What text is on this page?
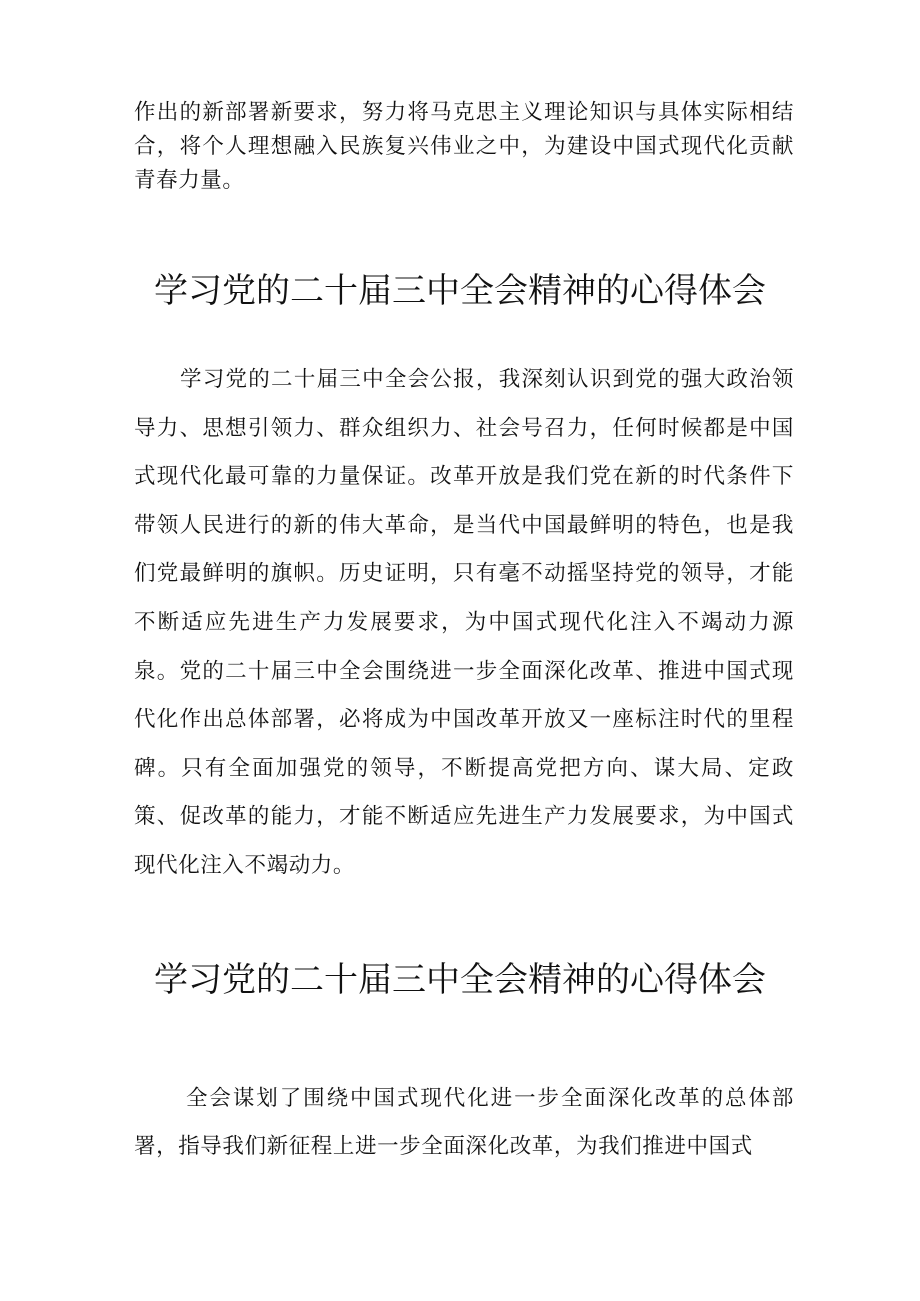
作出的新部署新要求，努力将马克思主义理论知识与具体实际相结合，将个人理想融入民族复兴伟业之中，为建设中国式现代化贡献青春力量。

学习党的二十届三中全会精神的心得体会

学习党的二十届三中全会公报，我深刻认识到党的强大政治领导力、思想引领力、群众组织力、社会号召力，任何时候都是中国式现代化最可靠的力量保证。改革开放是我们党在新的时代条件下带领人民进行的新的伟大革命，是当代中国最鲜明的特色，也是我们党最鲜明的旗帜。历史证明，只有毫不动摇坚持党的领导，才能不断适应先进生产力发展要求，为中国式现代化注入不竭动力源泉。党的二十届三中全会围绕进一步全面深化改革、推进中国式现代化作出总体部署，必将成为中国改革开放又一座标注时代的里程碑。只有全面加强党的领导，不断提高党把方向、谋大局、定政策、促改革的能力，才能不断适应先进生产力发展要求，为中国式现代化注入不竭动力。

学习党的二十届三中全会精神的心得体会

全会谋划了围绕中国式现代化进一步全面深化改革的总体部署，指导我们新征程上进一步全面深化改革，为我们推进中国式
